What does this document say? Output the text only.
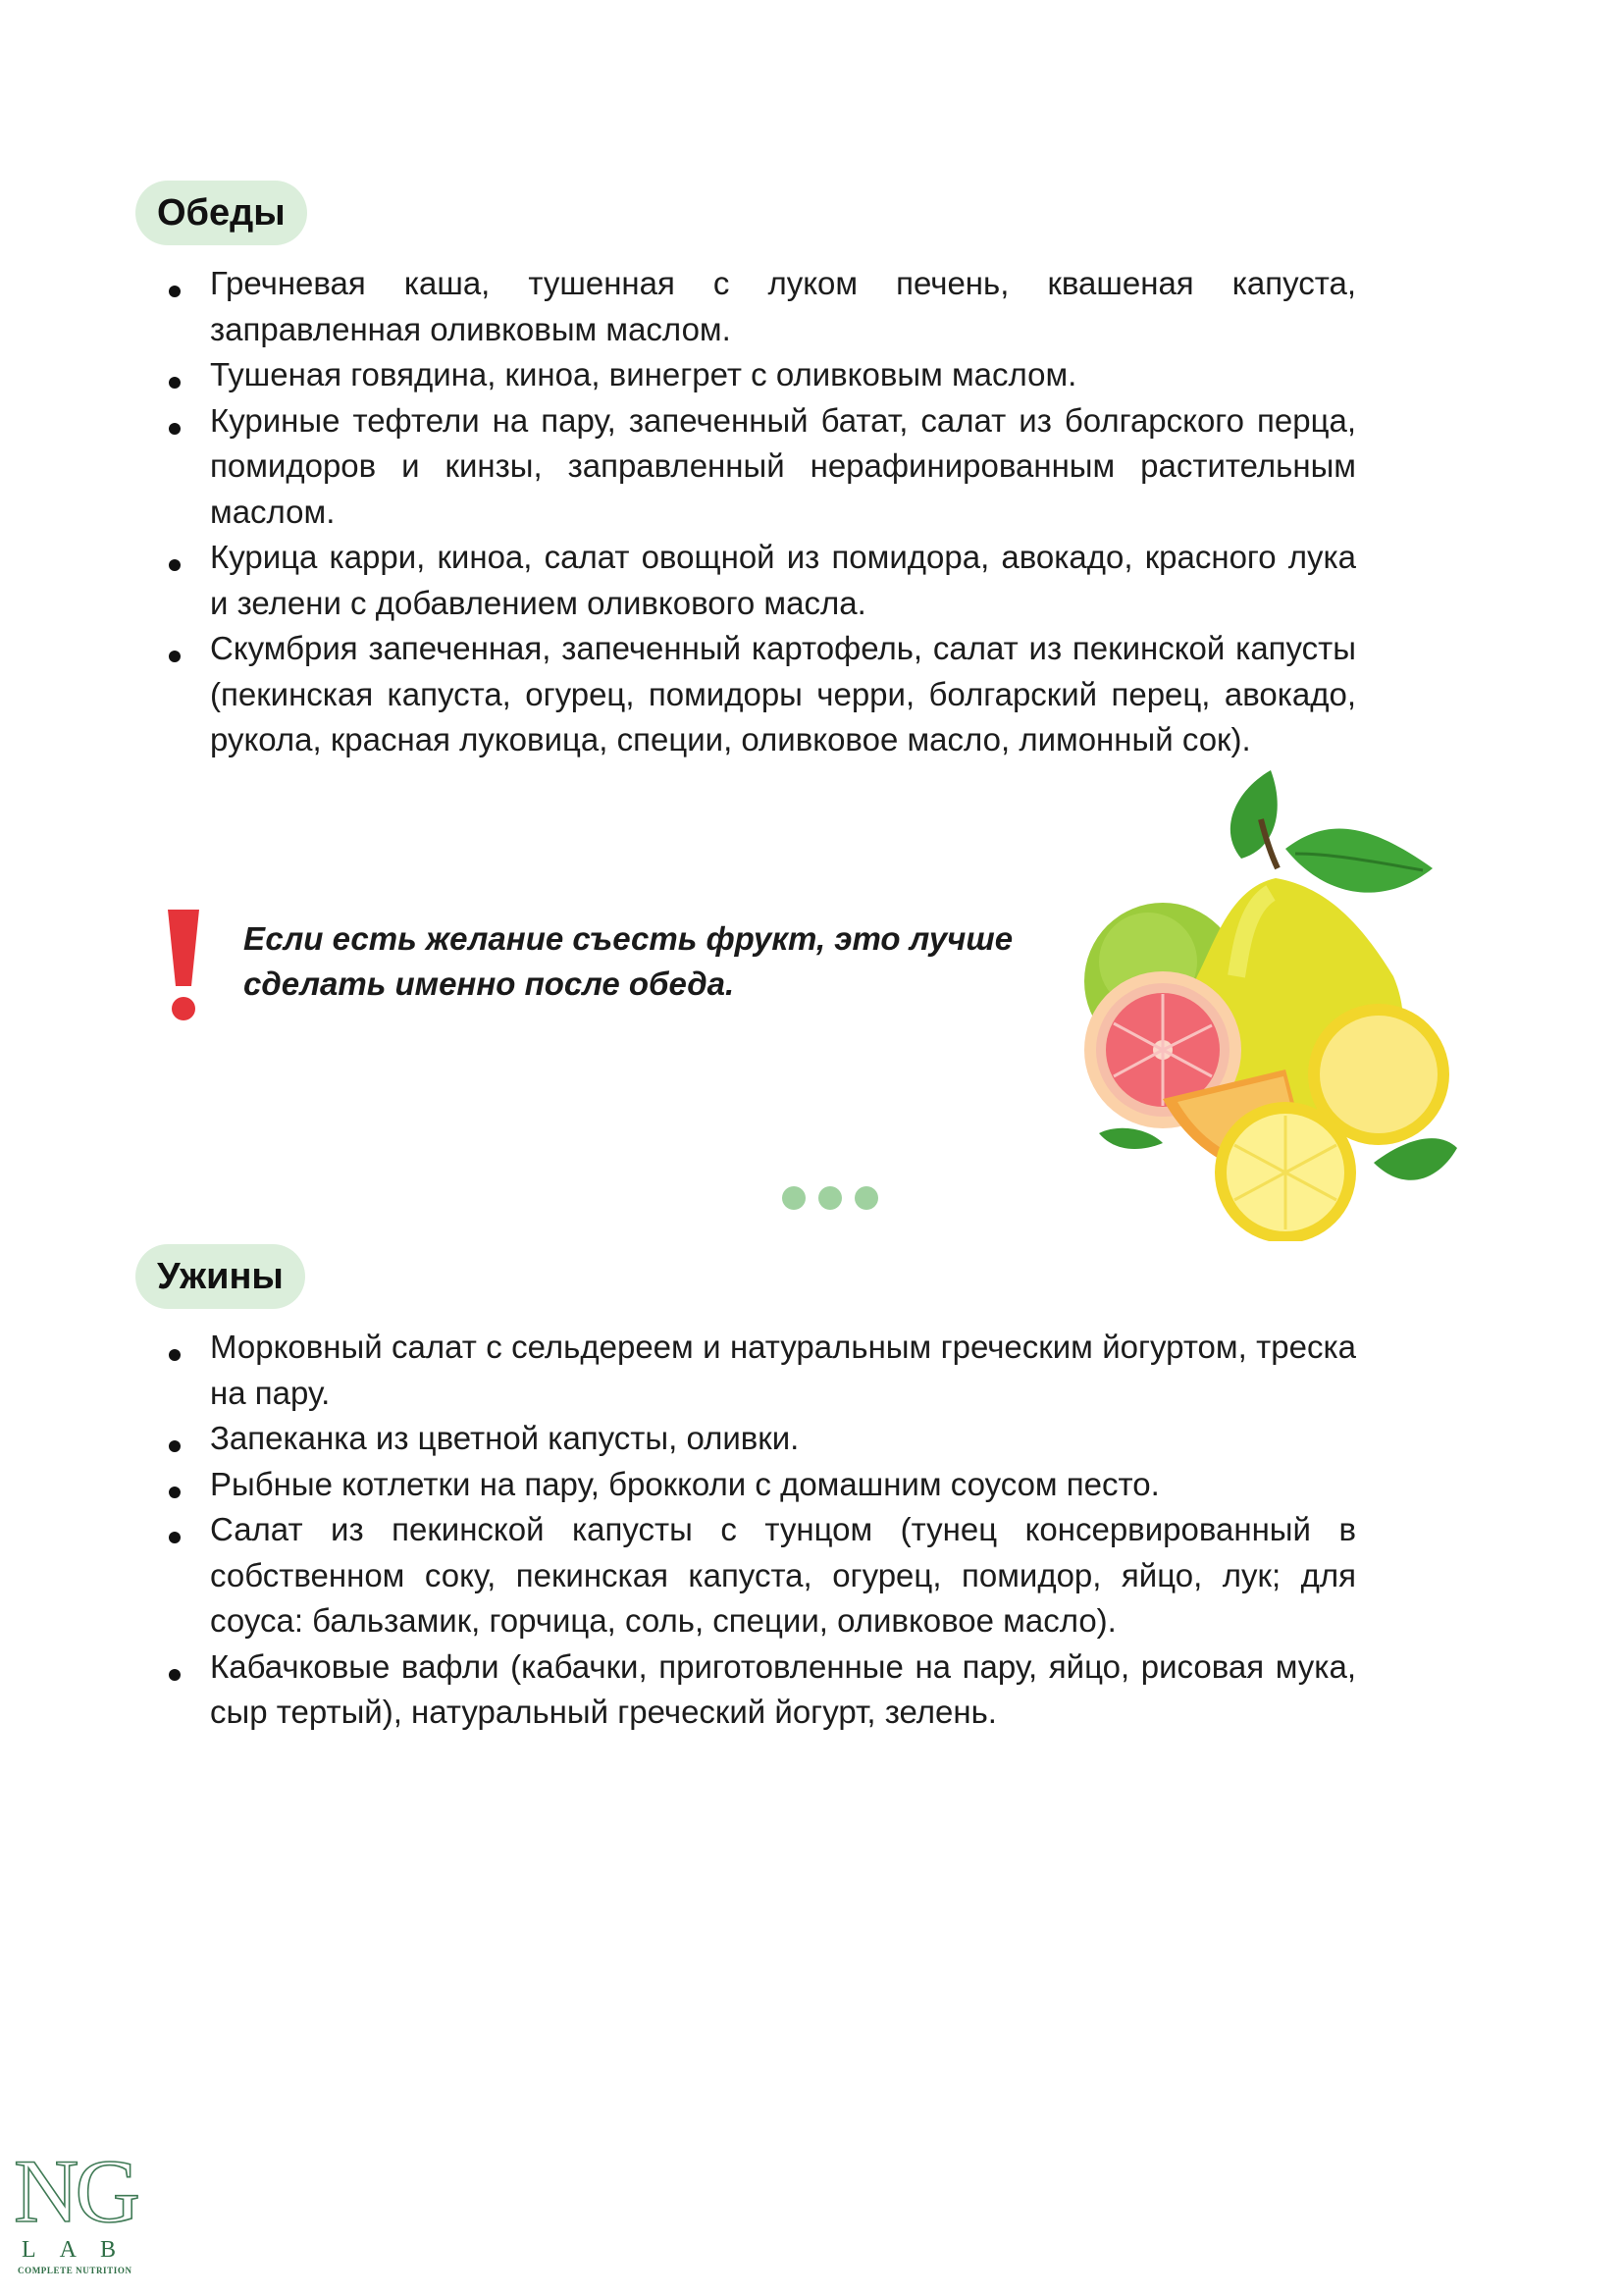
Обеды
Гречневая каша, тушенная с луком печень, квашеная капуста, заправленная оливковым маслом.
Тушеная говядина, киноа, винегрет с оливковым маслом.
Куриные тефтели на пару, запеченный батат, салат из болгарского перца, помидоров и кинзы, заправленный нерафинированным растительным маслом.
Курица карри, киноа, салат овощной из помидора, авокадо, красного лука и зелени с добавлением оливкового масла.
Скумбрия запеченная, запеченный картофель, салат из пекинской капусты (пекинская капуста, огурец, помидоры черри, болгарский перец, авокадо, рукола, красная луковица, специи, оливковое масло, лимонный сок).
Если есть желание съесть фрукт, это лучше сделать именно после обеда.
Ужины
Морковный салат с сельдереем и натуральным греческим йогуртом, треска на пару.
Запеканка из цветной капусты, оливки.
Рыбные котлетки на пару, брокколи с домашним соусом песто.
Салат из пекинской капусты с тунцом (тунец консервированный в собственном соку, пекинская капуста, огурец, помидор, яйцо, лук; для соуса: бальзамик, горчица, соль, специи, оливковое масло).
Кабачковые вафли (кабачки, приготовленные на пару, яйцо, рисовая мука, сыр тертый), натуральный греческий йогурт, зелень.
NG
LAB
COMPLETE NUTRITION
